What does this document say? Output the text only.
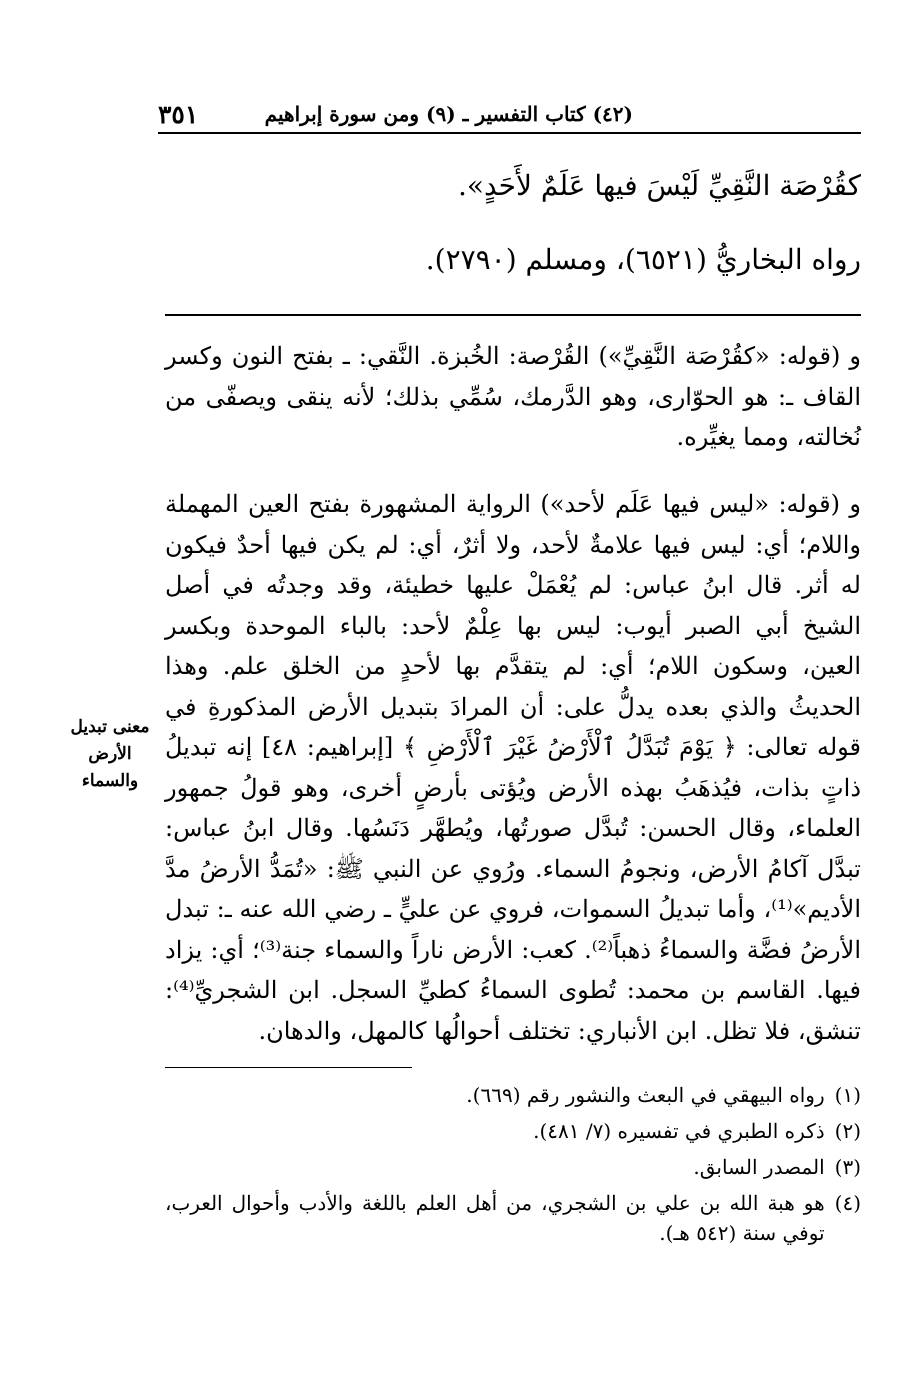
٣٥١	(٤٢) كتاب التفسير ـ (٩) ومن سورة إبراهيم
كقُرْصَة النَّقِيِّ لَيْسَ فيها عَلَمٌ لأَحَدٍ».
رواه البخاريُّ (٦٥٢١)، ومسلم (٢٧٩٠).

و (قوله: «كقُرْصَة النَّقِيِّ») القُرْصة: الخُبزة. النَّقي: ـ بفتح النون وكسر القاف ـ: هو الحوّارى، وهو الدَّرمك، سُمِّي بذلك؛ لأنه ينقى ويصفّى من نُخالته، ومما يغيِّره.

و (قوله: «ليس فيها عَلَم لأحد») الرواية المشهورة بفتح العين المهملة واللام؛ أي: ليس فيها علامةٌ لأحد، ولا أثرٌ، أي: لم يكن فيها أحدٌ فيكون له أثر. قال ابنُ عباس: لم يُعْمَلْ عليها خطيئة، وقد وجدتُه في أصل الشيخ أبي الصبر أيوب: ليس بها عِلْمٌ لأحد: بالباء الموحدة وبكسر العين، وسكون اللام؛ أي: لم يتقدَّم بها لأحدٍ من الخلق علم. وهذا الحديثُ والذي بعده يدلُّ على: أن المرادَ بتبديل الأرض المذكورةِ في قوله تعالى: ﴿ يَوْمَ تُبَدَّلُ ٱلْأَرْضُ غَيْرَ ٱلْأَرْضِ ﴾ [إبراهيم: ٤٨] إنه تبديلُ ذاتٍ بذات، فيُذهَبُ بهذه الأرض ويُؤتى بأرضٍ أخرى، وهو قولُ جمهور العلماء، وقال الحسن: تُبدَّل صورتُها، ويُطهَّر دَنَسُها. وقال ابنُ عباس: تبدَّل آكامُ الأرض، ونجومُ السماء. ورُوي عن النبي ﷺ: «تُمَدُّ الأرضُ مدَّ الأديم»⁽¹⁾، وأما تبديلُ السموات، فروي عن عليٍّ ـ رضي الله عنه ـ: تبدل الأرضُ فضَّة والسماءُ ذهباً⁽²⁾. كعب: الأرض ناراً والسماء جنة⁽³⁾؛ أي: يزاد فيها. القاسم بن محمد: تُطوى السماءُ كطيِّ السجل. ابن الشجريِّ⁽⁴⁾: تنشق، فلا تظل. ابن الأنباري: تختلف أحوالُها كالمهل، والدهان.

معنى تبديل الأرض والسماء
(١)
رواه البيهقي في البعث والنشور رقم (٦٦٩).
(٢)
ذكره الطبري في تفسيره (٧/ ٤٨١).
(٣)
المصدر السابق.
(٤)
هو هبة الله بن علي بن الشجري، من أهل العلم باللغة والأدب وأحوال العرب، توفي سنة (٥٤٢ هـ).
